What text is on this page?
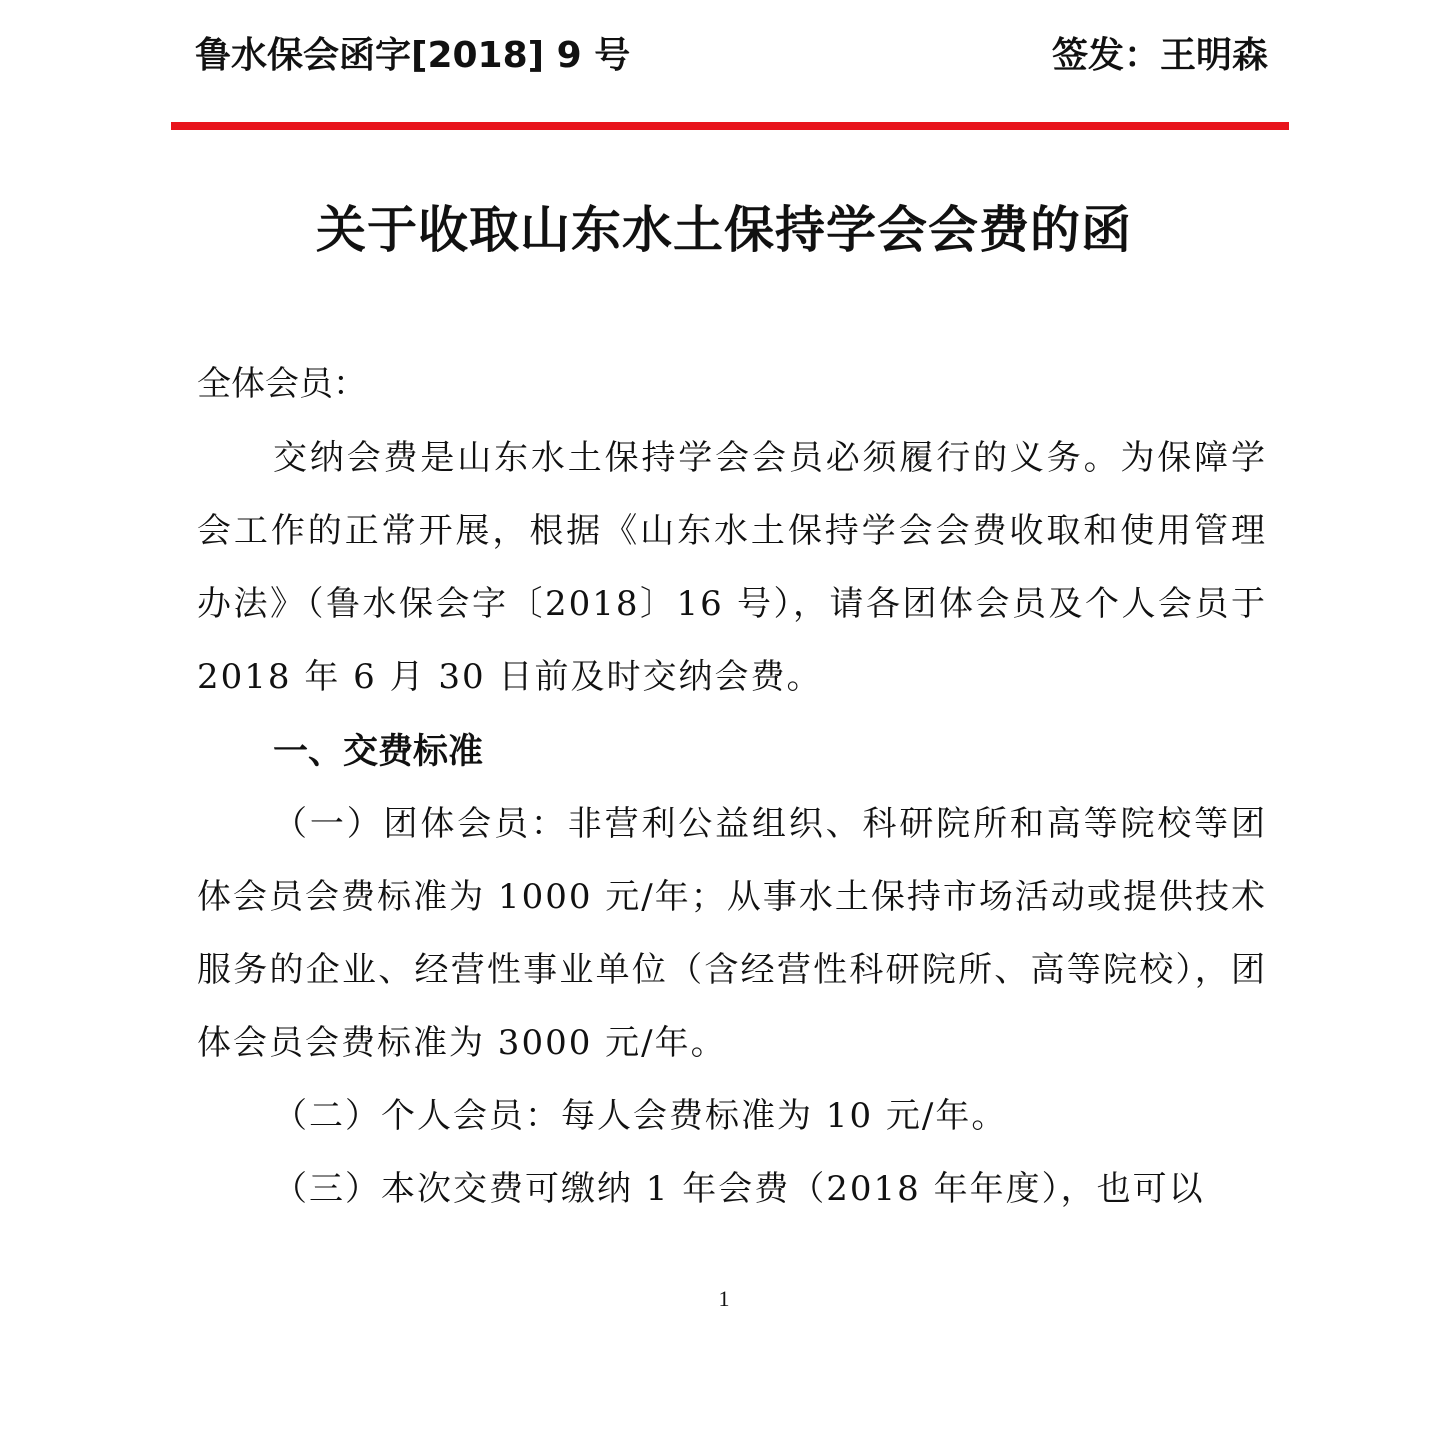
鲁水保会函字[2018] 9 号	签发：王明森
关于收取山东水土保持学会会费的函
全体会员：

交纳会费是山东水土保持学会会员必须履行的义务。为保障学会工作的正常开展，根据《山东水土保持学会会费收取和使用管理办法》（鲁水保会字〔2018〕16 号），请各团体会员及个人会员于 2018 年 6 月 30 日前及时交纳会费。

一、交费标准

（一）团体会员：非营利公益组织、科研院所和高等院校等团体会员会费标准为 1000 元/年；从事水土保持市场活动或提供技术服务的企业、经营性事业单位（含经营性科研院所、高等院校），团体会员会费标准为 3000 元/年。

（二）个人会员：每人会费标准为 10 元/年。

（三）本次交费可缴纳 1 年会费（2018 年年度），也可以

1
